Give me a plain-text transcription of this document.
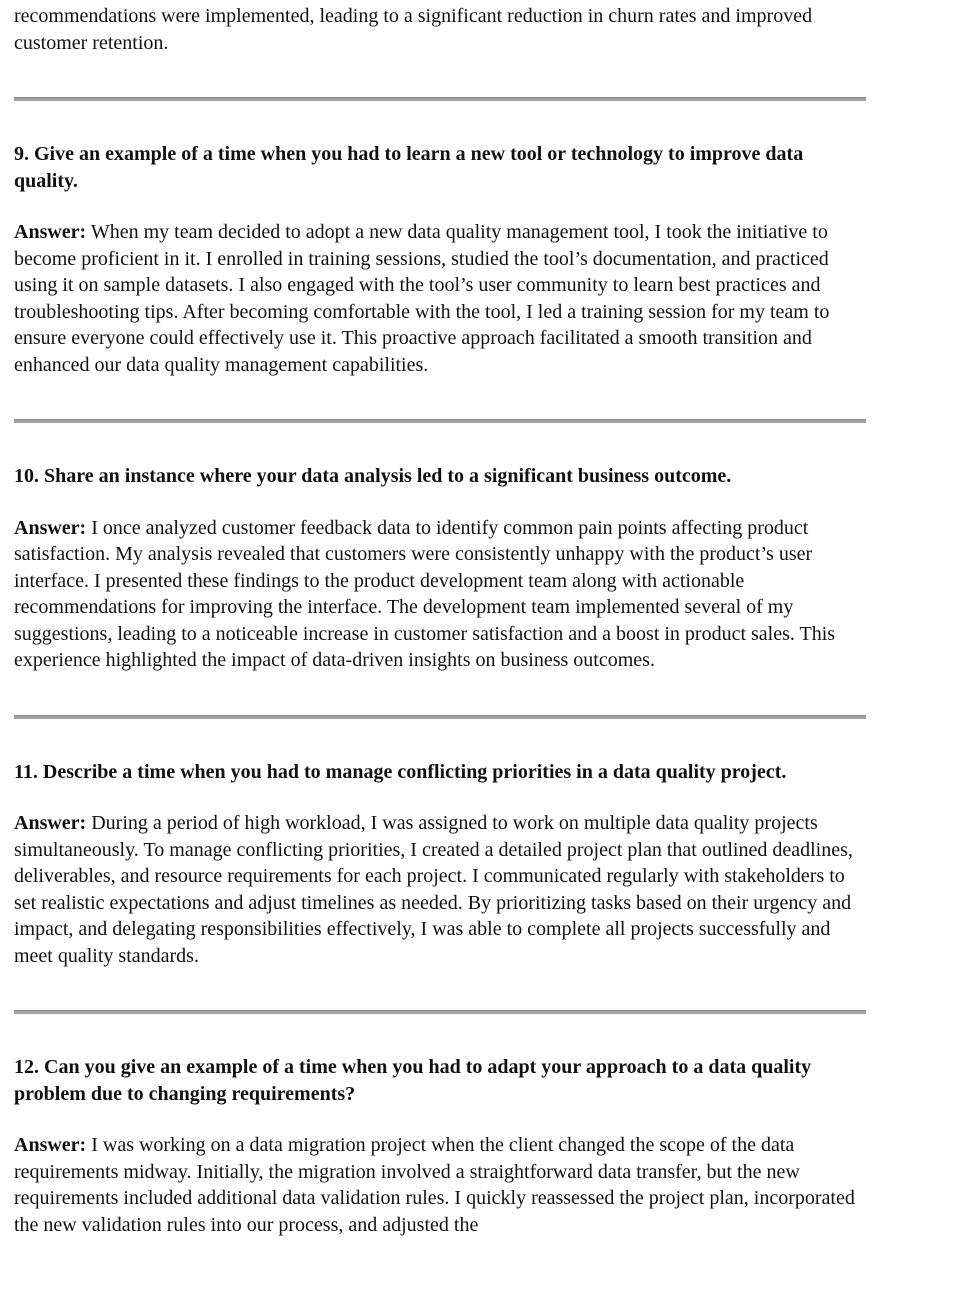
recommendations were implemented, leading to a significant reduction in churn rates and improved customer retention.

9. Give an example of a time when you had to learn a new tool or technology to improve data quality.

Answer: When my team decided to adopt a new data quality management tool, I took the initiative to become proficient in it. I enrolled in training sessions, studied the tool’s documentation, and practiced using it on sample datasets. I also engaged with the tool’s user community to learn best practices and troubleshooting tips. After becoming comfortable with the tool, I led a training session for my team to ensure everyone could effectively use it. This proactive approach facilitated a smooth transition and enhanced our data quality management capabilities.

10. Share an instance where your data analysis led to a significant business outcome.

Answer: I once analyzed customer feedback data to identify common pain points affecting product satisfaction. My analysis revealed that customers were consistently unhappy with the product’s user interface. I presented these findings to the product development team along with actionable recommendations for improving the interface. The development team implemented several of my suggestions, leading to a noticeable increase in customer satisfaction and a boost in product sales. This experience highlighted the impact of data-driven insights on business outcomes.

11. Describe a time when you had to manage conflicting priorities in a data quality project.

Answer: During a period of high workload, I was assigned to work on multiple data quality projects simultaneously. To manage conflicting priorities, I created a detailed project plan that outlined deadlines, deliverables, and resource requirements for each project. I communicated regularly with stakeholders to set realistic expectations and adjust timelines as needed. By prioritizing tasks based on their urgency and impact, and delegating responsibilities effectively, I was able to complete all projects successfully and meet quality standards.

12. Can you give an example of a time when you had to adapt your approach to a data quality problem due to changing requirements?

Answer: I was working on a data migration project when the client changed the scope of the data requirements midway. Initially, the migration involved a straightforward data transfer, but the new requirements included additional data validation rules. I quickly reassessed the project plan, incorporated the new validation rules into our process, and adjusted the
